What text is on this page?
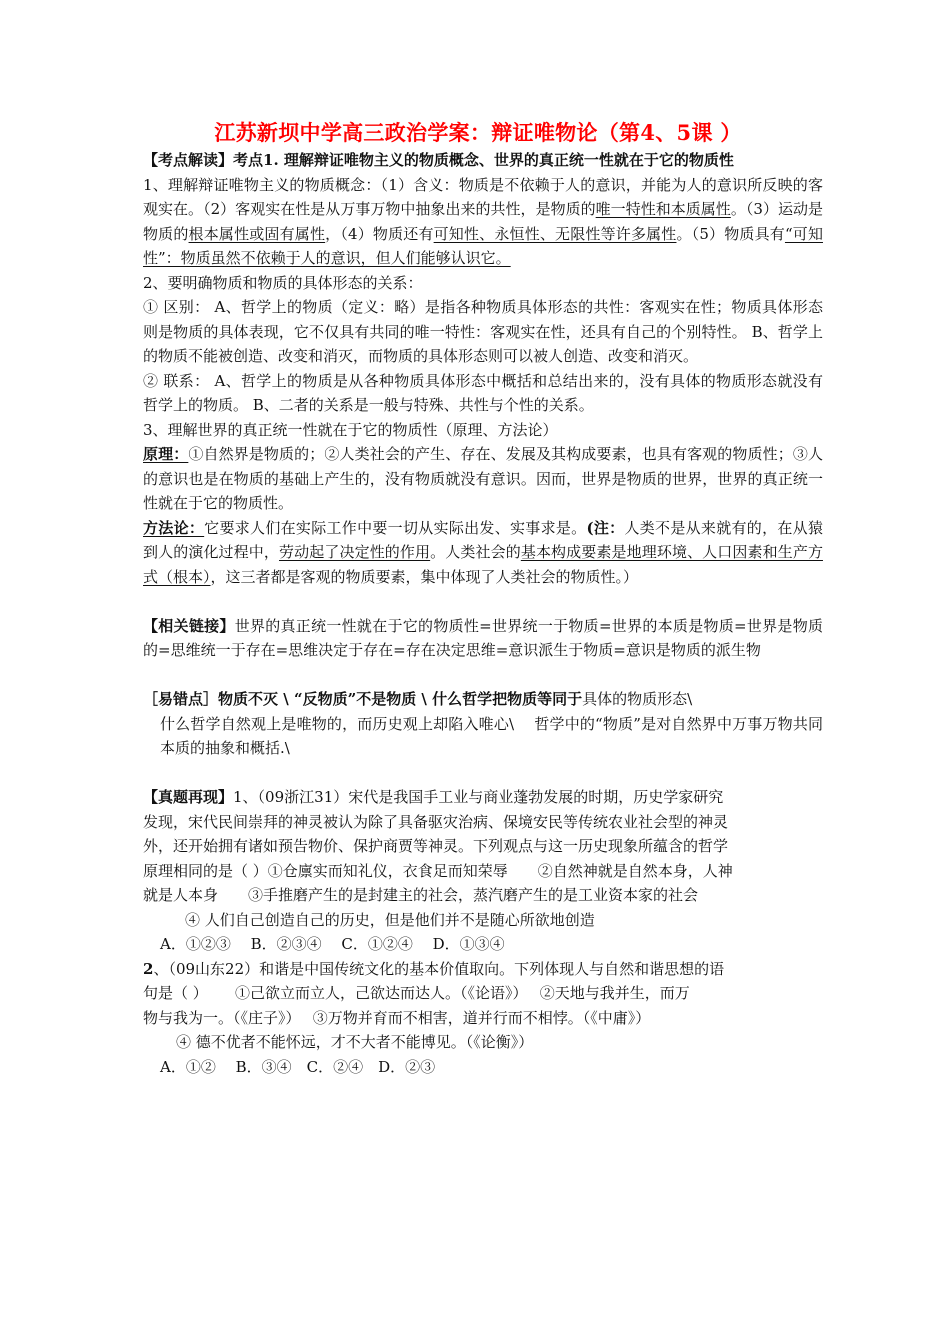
江苏新坝中学高三政治学案：辩证唯物论（第4、5课 ）

【考点解读】考点1. 理解辩证唯物主义的物质概念、世界的真正统一性就在于它的物质性

1、理解辩证唯物主义的物质概念：（1）含义：物质是不依赖于人的意识，并能为人的意识所反映的客观实在。（2）客观实在性是从万事万物中抽象出来的共性，是物质的唯一特性和本质属性。（3）运动是物质的根本属性或固有属性，（4）物质还有可知性、永恒性、无限性等许多属性。（5）物质具有“可知性”：物质虽然不依赖于人的意识，但人们能够认识它。

2、要明确物质和物质的具体形态的关系：

① 区别： A、哲学上的物质（定义：略）是指各种物质具体形态的共性：客观实在性；物质具体形态则是物质的具体表现，它不仅具有共同的唯一特性：客观实在性，还具有自己的个别特性。 B、哲学上的物质不能被创造、改变和消灭，而物质的具体形态则可以被人创造、改变和消灭。

② 联系： A、哲学上的物质是从各种物质具体形态中概括和总结出来的，没有具体的物质形态就没有哲学上的物质。 B、二者的关系是一般与特殊、共性与个性的关系。

3、理解世界的真正统一性就在于它的物质性（原理、方法论）

原理：①自然界是物质的；②人类社会的产生、存在、发展及其构成要素，也具有客观的物质性；③人的意识也是在物质的基础上产生的，没有物质就没有意识。因而，世界是物质的世界，世界的真正统一性就在于它的物质性。

方法论：它要求人们在实际工作中要一切从实际出发、实事求是。(注：人类不是从来就有的，在从猿到人的演化过程中，劳动起了决定性的作用。人类社会的基本构成要素是地理环境、人口因素和生产方式（根本），这三者都是客观的物质要素，集中体现了人类社会的物质性。）

【相关链接】世界的真正统一性就在于它的物质性=世界统一于物质=世界的本质是物质=世界是物质的=思维统一于存在=思维决定于存在=存在决定思维=意识派生于物质=意识是物质的派生物

［易错点］物质不灭 \ “反物质”不是物质 \ 什么哲学把物质等同于具体的物质形态\

什么哲学自然观上是唯物的，而历史观上却陷入唯心\　 哲学中的“物质”是对自然界中万事万物共同本质的抽象和概括.\

【真题再现】1、（09浙江31）宋代是我国手工业与商业蓬勃发展的时期，历史学家研究

发现，宋代民间崇拜的神灵被认为除了具备驱灾治病、保境安民等传统农业社会型的神灵

外，还开始拥有诸如预告物价、保护商贾等神灵。下列观点与这一历史现象所蕴含的哲学

原理相同的是（ ）①仓廪实而知礼仪，衣食足而知荣辱　　②自然神就是自然本身，人神

就是人本身　　③手推磨产生的是封建主的社会，蒸汽磨产生的是工业资本家的社会

④ 人们自己创造自己的历史，但是他们并不是随心所欲地创造

A．①②③　 B．②③④　 C．①②④　 D．①③④

2、（09山东22）和谐是中国传统文化的基本价值取向。下列体现人与自然和谐思想的语

句是（ ）　　 ①己欲立而立人，己欲达而达人。（《论语》）　 ②天地与我并生，而万

物与我为一。（《庄子》）　 ③万物并育而不相害，道并行而不相悖。（《中庸》）

④ 德不优者不能怀远，才不大者不能博见。（《论衡》）

A．①②　 B．③④　C．②④　D．②③
